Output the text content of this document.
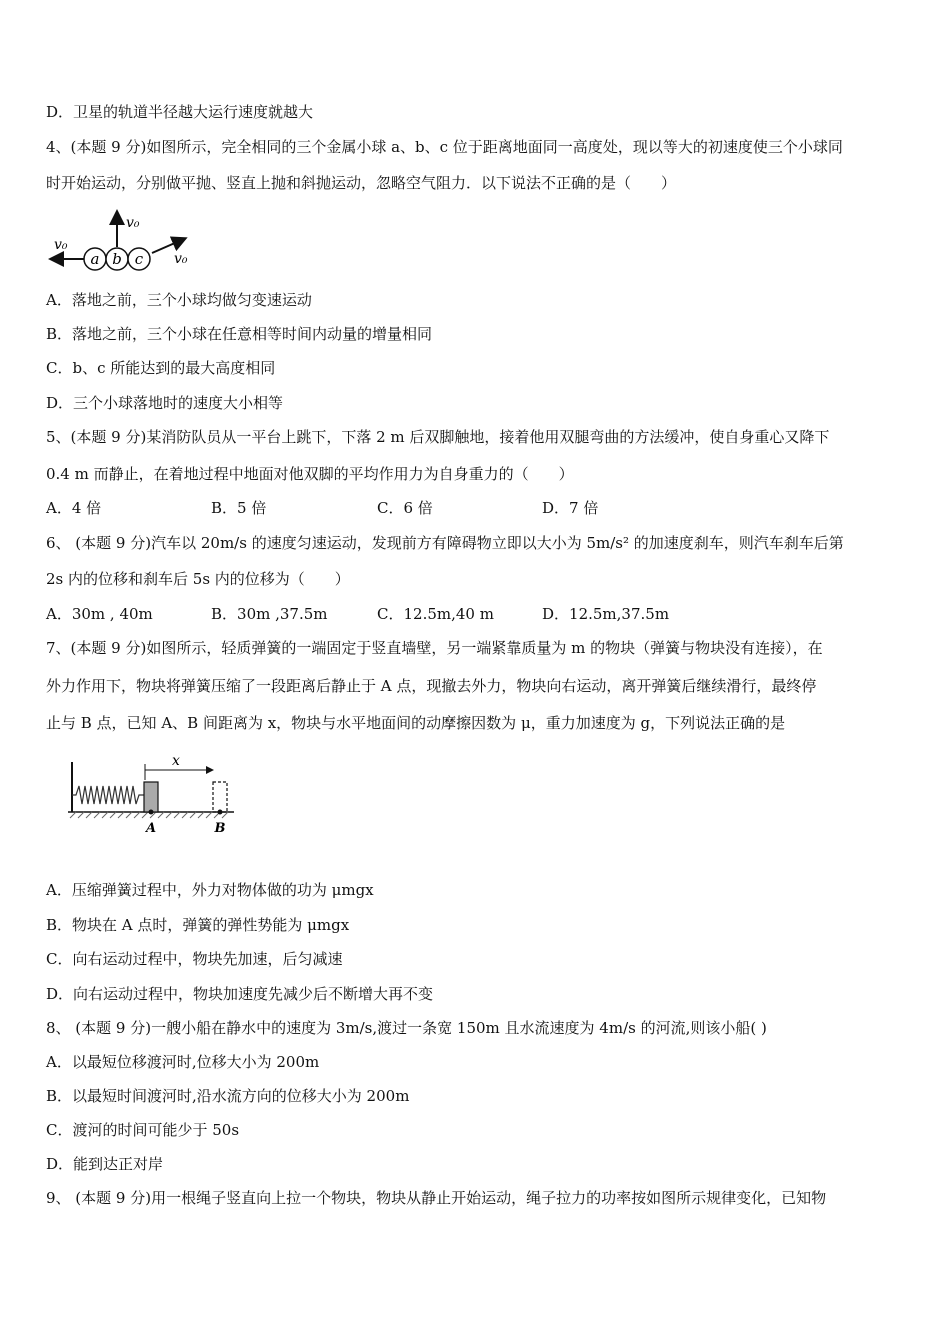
D．卫星的轨道半径越大运行速度就越大
4、(本题 9 分)如图所示，完全相同的三个金属小球 a、b、c 位于距离地面同一高度处，现以等大的初速度使三个小球同
时开始运动，分别做平抛、竖直上抛和斜抛运动，忽略空气阻力．以下说法不正确的是（　　）
a b c
v₀
v₀
v₀
A．落地之前，三个小球均做匀变速运动
B．落地之前，三个小球在任意相等时间内动量的增量相同
C．b、c 所能达到的最大高度相同
D．三个小球落地时的速度大小相等
5、(本题 9 分)某消防队员从一平台上跳下，下落 2 m 后双脚触地，接着他用双腿弯曲的方法缓冲，使自身重心又降下
0.4 m 而静止，在着地过程中地面对他双脚的平均作用力为自身重力的（　　）
A．4 倍	B．5 倍	C．6 倍	D．7 倍
6、 (本题 9 分)汽车以 20m/s 的速度匀速运动，发现前方有障碍物立即以大小为 5m/s² 的加速度刹车，则汽车刹车后第
2s 内的位移和刹车后 5s 内的位移为（　　）
A．30m , 40m	B．30m ,37.5m	C．12.5m,40 m	D．12.5m,37.5m
7、(本题 9 分)如图所示，轻质弹簧的一端固定于竖直墙壁，另一端紧靠质量为 m 的物块（弹簧与物块没有连接），在
外力作用下，物块将弹簧压缩了一段距离后静止于 A 点，现撤去外力，物块向右运动，离开弹簧后继续滑行，最终停
止与 B 点，已知 A、B 间距离为 x，物块与水平地面间的动摩擦因数为 μ，重力加速度为 g，下列说法正确的是
x
A	B
A．压缩弹簧过程中，外力对物体做的功为 μmgx
B．物块在 A 点时，弹簧的弹性势能为 μmgx
C．向右运动过程中，物块先加速，后匀减速
D．向右运动过程中，物块加速度先减少后不断增大再不变
8、 (本题 9 分)一艘小船在静水中的速度为 3m/s,渡过一条宽 150m 且水流速度为 4m/s 的河流,则该小船( )
A．以最短位移渡河时,位移大小为 200m
B．以最短时间渡河时,沿水流方向的位移大小为 200m
C．渡河的时间可能少于 50s
D．能到达正对岸
9、 (本题 9 分)用一根绳子竖直向上拉一个物块，物块从静止开始运动，绳子拉力的功率按如图所示规律变化，已知物
